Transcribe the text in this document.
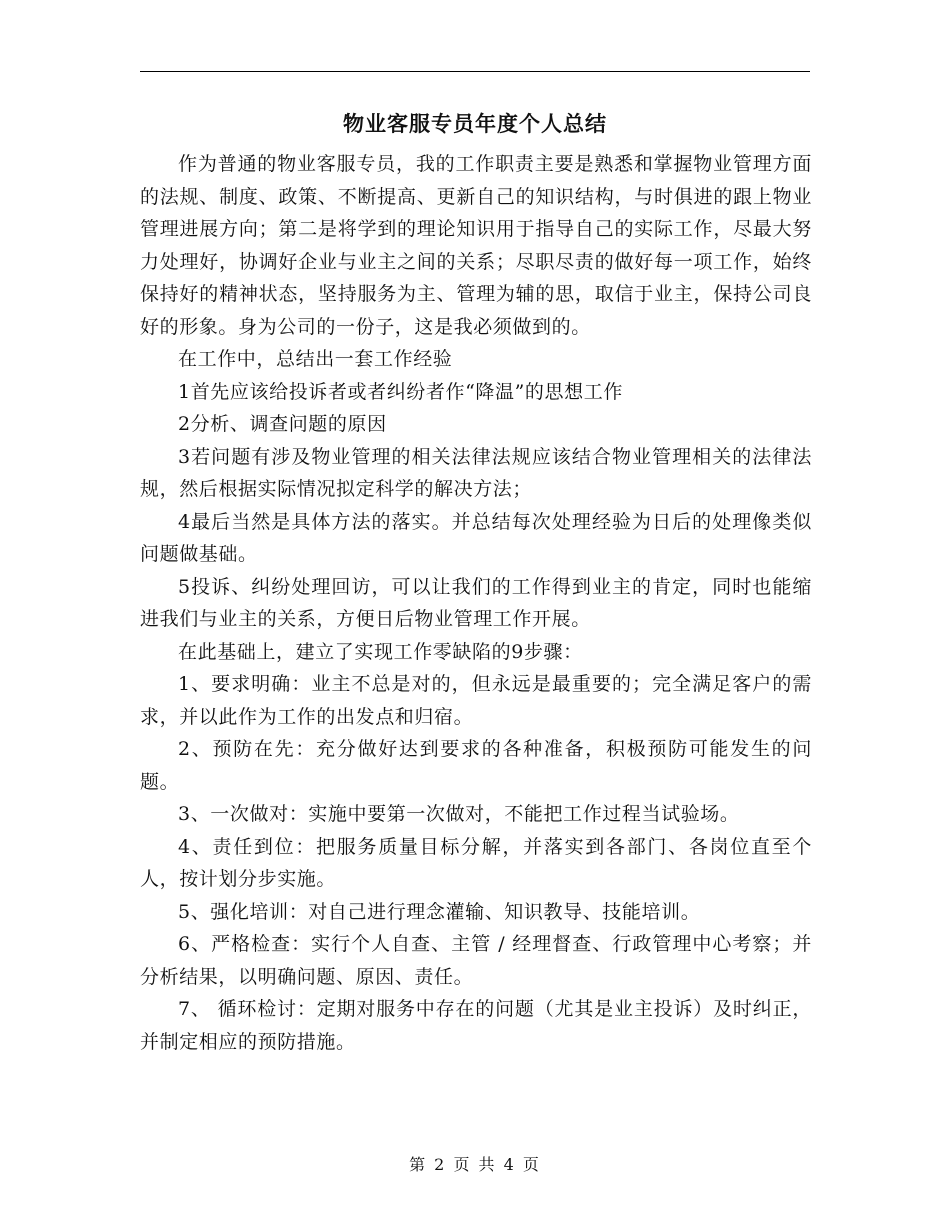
物业客服专员年度个人总结

作为普通的物业客服专员，我的工作职责主要是熟悉和掌握物业管理方面的法规、制度、政策、不断提高、更新自己的知识结构，与时俱进的跟上物业管理进展方向；第二是将学到的理论知识用于指导自己的实际工作，尽最大努力处理好，协调好企业与业主之间的关系；尽职尽责的做好每一项工作，始终保持好的精神状态，坚持服务为主、管理为辅的思，取信于业主，保持公司良好的形象。身为公司的一份子，这是我必须做到的。

在工作中，总结出一套工作经验

1首先应该给投诉者或者纠纷者作“降温”的思想工作

2分析、调查问题的原因

3若问题有涉及物业管理的相关法律法规应该结合物业管理相关的法律法规，然后根据实际情况拟定科学的解决方法；

4最后当然是具体方法的落实。并总结每次处理经验为日后的处理像类似问题做基础。

5投诉、纠纷处理回访，可以让我们的工作得到业主的肯定，同时也能缩进我们与业主的关系，方便日后物业管理工作开展。

在此基础上，建立了实现工作零缺陷的9步骤：

1、要求明确：业主不总是对的，但永远是最重要的；完全满足客户的需求，并以此作为工作的出发点和归宿。

2、预防在先：充分做好达到要求的各种准备，积极预防可能发生的问题。

3、一次做对：实施中要第一次做对，不能把工作过程当试验场。

4、责任到位：把服务质量目标分解，并落实到各部门、各岗位直至个人，按计划分步实施。

5、强化培训：对自己进行理念灌输、知识教导、技能培训。

6、严格检查：实行个人自查、主管 / 经理督查、行政管理中心考察；并分析结果，以明确问题、原因、责任。

7、 循环检讨：定期对服务中存在的问题（尤其是业主投诉）及时纠正，并制定相应的预防措施。

第 2 页 共 4 页
